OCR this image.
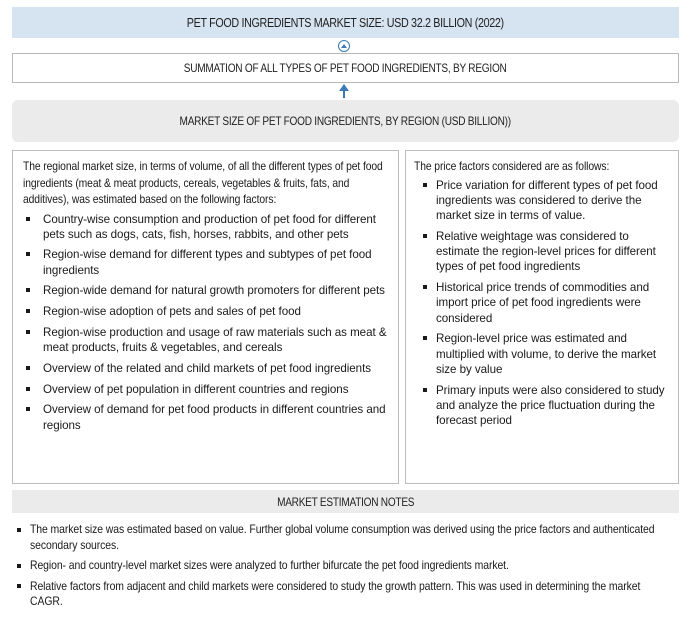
PET FOOD INGREDIENTS MARKET SIZE: USD 32.2 BILLION (2022)
SUMMATION OF ALL TYPES OF PET FOOD INGREDIENTS, BY REGION
MARKET SIZE OF PET FOOD INGREDIENTS, BY REGION (USD BILLION))
The regional market size, in terms of volume, of all the different types of pet food ingredients (meat & meat products, cereals, vegetables & fruits, fats, and additives), was estimated based on the following factors:
Country-wise consumption and production of pet food for different pets such as dogs, cats, fish, horses, rabbits, and other pets
Region-wise demand for different types and subtypes of pet food ingredients
Region-wide demand for natural growth promoters for different pets
Region-wise adoption of pets and sales of pet food
Region-wise production and usage of raw materials such as meat & meat products, fruits & vegetables, and cereals
Overview of the related and child markets of pet food ingredients
Overview of pet population in different countries and regions
Overview of demand for pet food products in different countries and regions
The price factors considered are as follows:
Price variation for different types of pet food ingredients was considered to derive the market size in terms of value.
Relative weightage was considered to estimate the region-level prices for different types of pet food ingredients
Historical price trends of commodities and import price of pet food ingredients were considered
Region-level price was estimated and multiplied with volume, to derive the market size by value
Primary inputs were also considered to study and analyze the price fluctuation during the forecast period
MARKET ESTIMATION NOTES
The market size was estimated based on value. Further global volume consumption was derived using the price factors and authenticated secondary sources.
Region- and country-level market sizes were analyzed to further bifurcate the pet food ingredients market.
Relative factors from adjacent and child markets were considered to study the growth pattern. This was used in determining the market CAGR.
